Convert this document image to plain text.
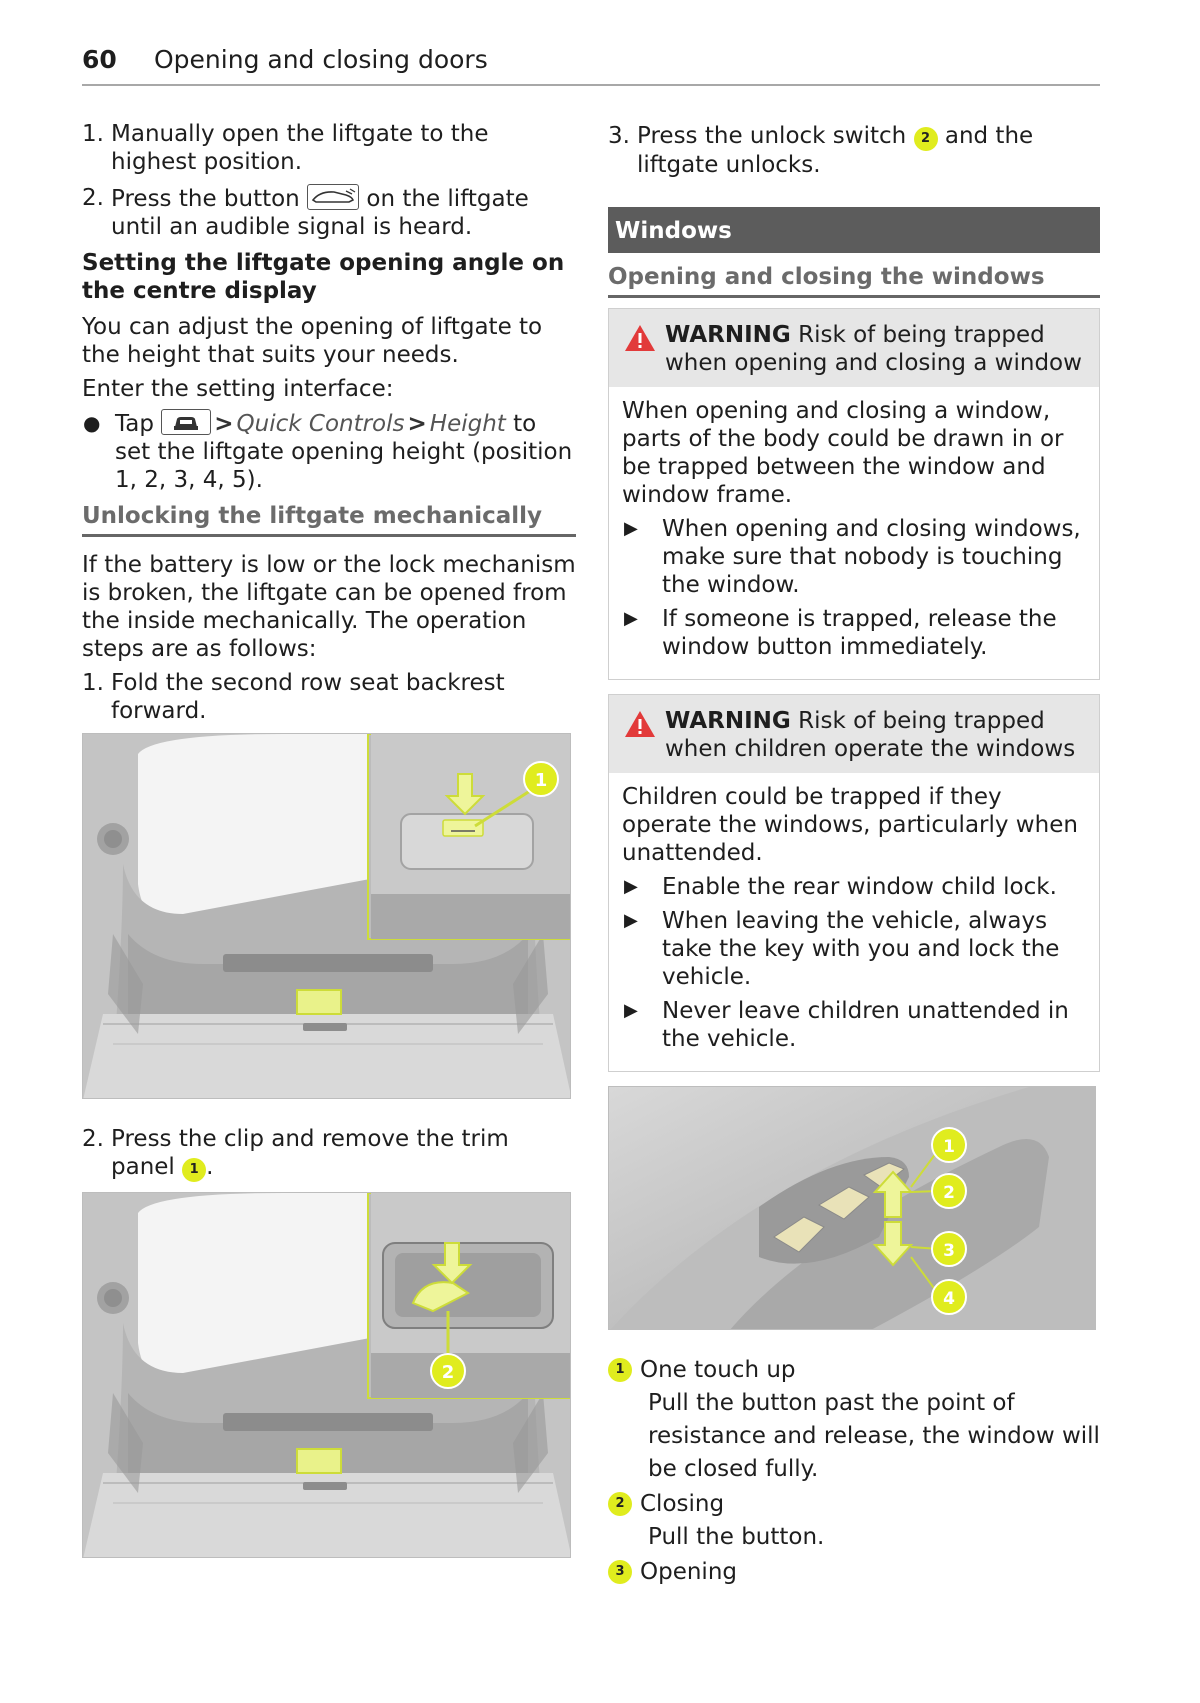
60 Opening and closing doors
1. Manually open the liftgate to the highest position.
2. Press the button	on the liftgate until an audible signal is heard.
Setting the liftgate opening angle on the centre display

You can adjust the opening of liftgate to the height that suits your needs.

Enter the setting interface:

● Tap	> Quick Controls > Height to set the liftgate opening height (position 1, 2, 3, 4, 5).
Unlocking the liftgate mechanically

If the battery is low or the lock mechanism is broken, the liftgate can be opened from the inside mechanically. The operation steps are as follows:

1. Fold the second row seat backrest forward.
1
2. Press the clip and remove the trim panel 1 .
2
3. Press the unlock switch 2 and the liftgate unlocks.
Windows
Opening and closing the windows
WARNING Risk of being trapped when opening and closing a window

When opening and closing a window, parts of the body could be drawn in or be trapped between the window and window frame.

▶ When opening and closing windows, make sure that nobody is touching the window.
▶ If someone is trapped, release the window button immediately.
WARNING Risk of being trapped when children operate the windows

Children could be trapped if they operate the windows, particularly when unattended.

▶ Enable the rear window child lock.
▶ When leaving the vehicle, always take the key with you and lock the vehicle.
▶ Never leave children unattended in the vehicle.
1
2
3
4
1 One touch up
Pull the button past the point of resistance and release, the window will be closed fully.
2 Closing
Pull the button.
3 Opening
